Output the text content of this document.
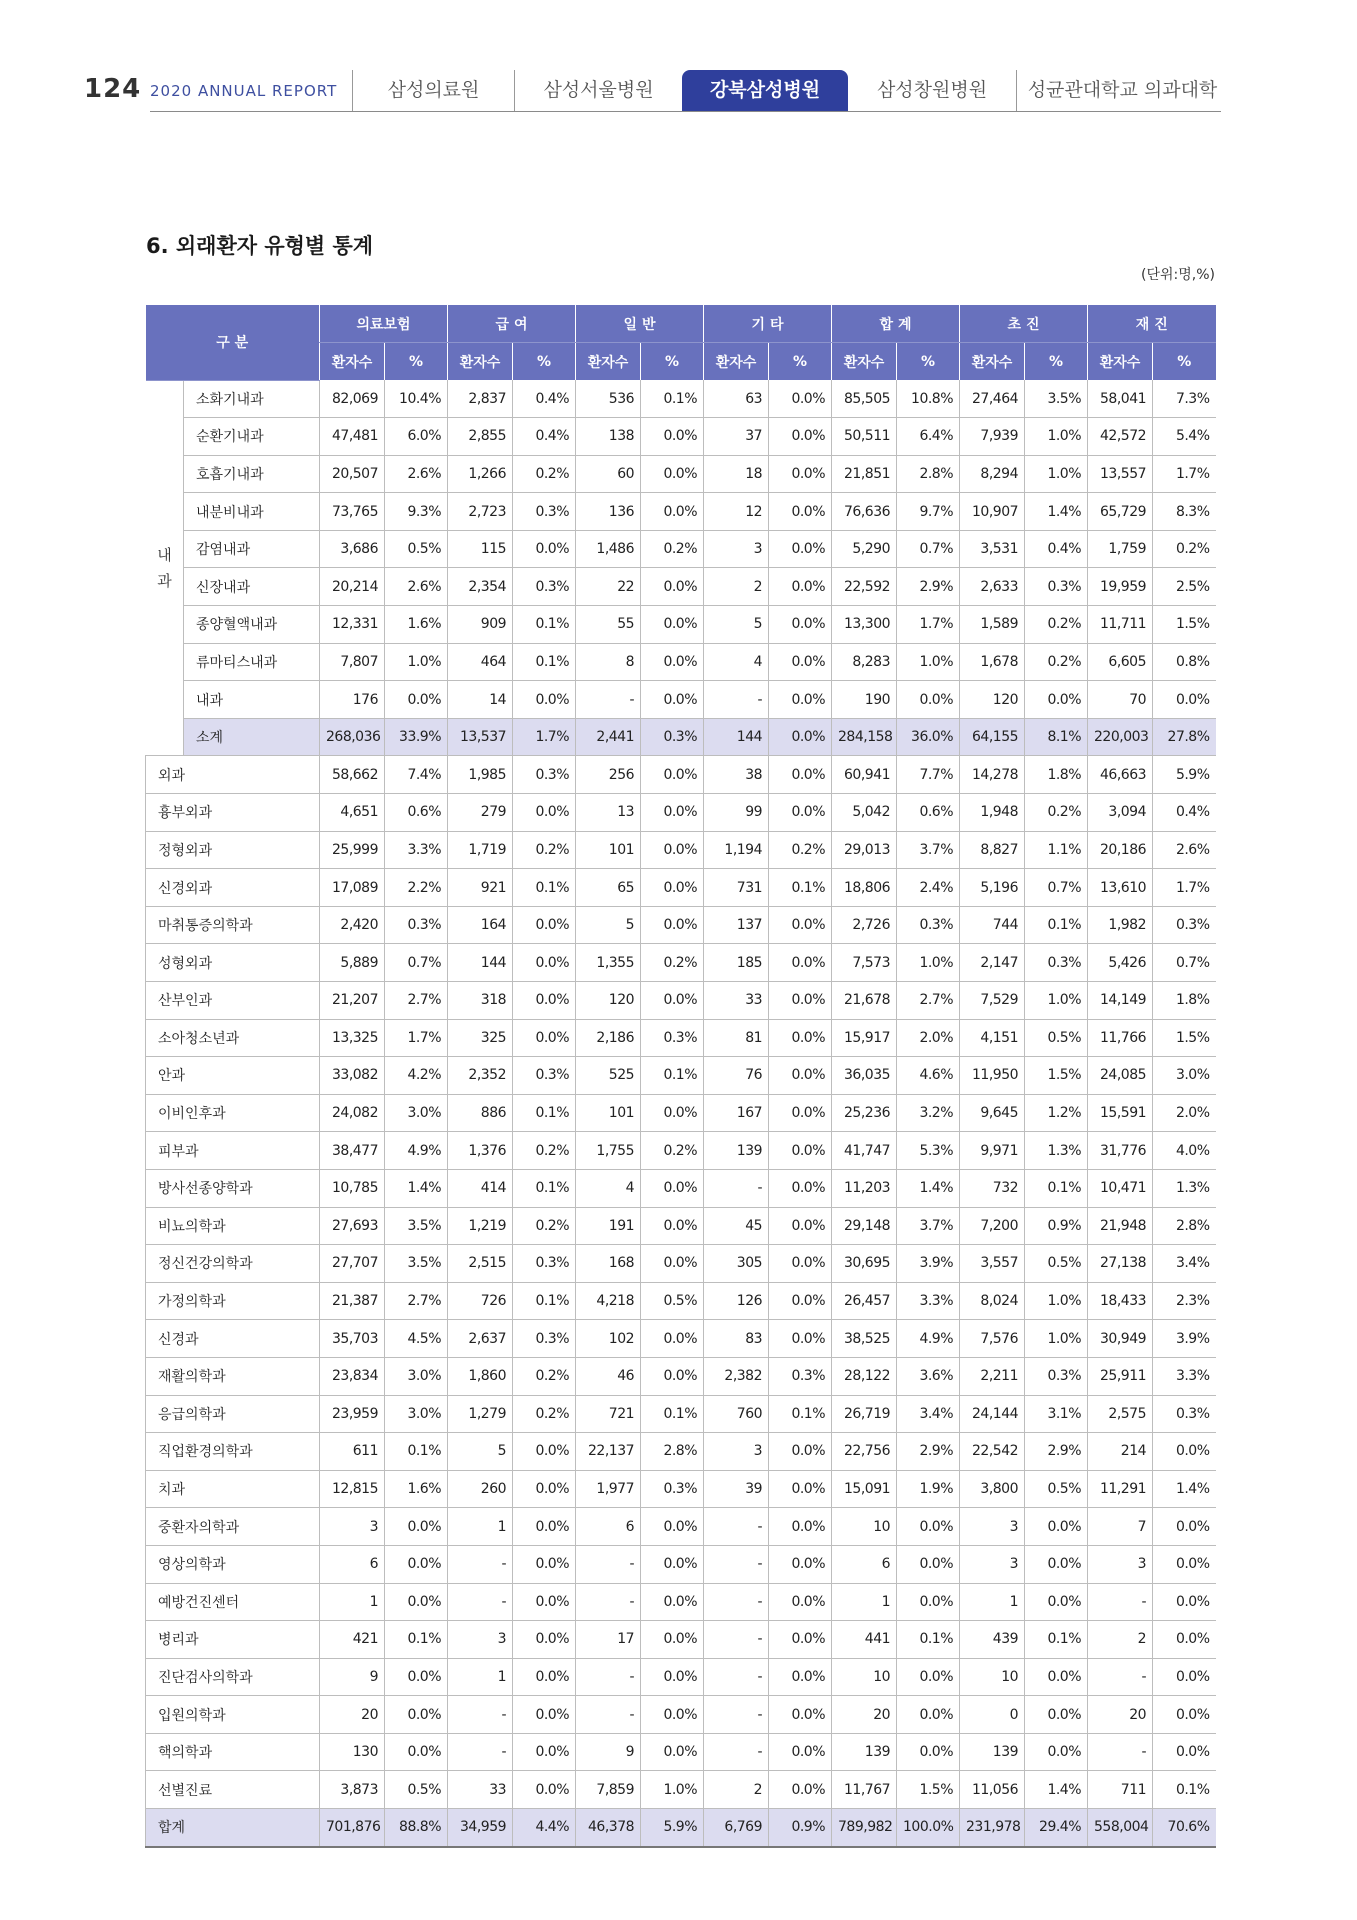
124 2020 ANNUAL REPORT	삼성의료원	삼성서울병원	강북삼성병원	삼성창원병원	성균관대학교 의과대학
6. 외래환자 유형별 통계
(단위:명,%)
구 분		의료보험		급 여		일 반		기 타		합 계		초 진		재 진	
		환자수	%	환자수	%	환자수	%	환자수	%	환자수	%	환자수	%	환자수	%
내
과	소화기내과	82,069	10.4%	2,837	0.4%	536	0.1%	63	0.0%	85,505	10.8%	27,464	3.5%	58,041	7.3%
	순환기내과	47,481	6.0%	2,855	0.4%	138	0.0%	37	0.0%	50,511	6.4%	7,939	1.0%	42,572	5.4%
	호흡기내과	20,507	2.6%	1,266	0.2%	60	0.0%	18	0.0%	21,851	2.8%	8,294	1.0%	13,557	1.7%
	내분비내과	73,765	9.3%	2,723	0.3%	136	0.0%	12	0.0%	76,636	9.7%	10,907	1.4%	65,729	8.3%
	감염내과	3,686	0.5%	115	0.0%	1,486	0.2%	3	0.0%	5,290	0.7%	3,531	0.4%	1,759	0.2%
	신장내과	20,214	2.6%	2,354	0.3%	22	0.0%	2	0.0%	22,592	2.9%	2,633	0.3%	19,959	2.5%
	종양혈액내과	12,331	1.6%	909	0.1%	55	0.0%	5	0.0%	13,300	1.7%	1,589	0.2%	11,711	1.5%
	류마티스내과	7,807	1.0%	464	0.1%	8	0.0%	4	0.0%	8,283	1.0%	1,678	0.2%	6,605	0.8%
	내과	176	0.0%	14	0.0%	-	0.0%	-	0.0%	190	0.0%	120	0.0%	70	0.0%
	소계	268,036	33.9%	13,537	1.7%	2,441	0.3%	144	0.0%	284,158	36.0%	64,155	8.1%	220,003	27.8%
외과		58,662	7.4%	1,985	0.3%	256	0.0%	38	0.0%	60,941	7.7%	14,278	1.8%	46,663	5.9%
흉부외과		4,651	0.6%	279	0.0%	13	0.0%	99	0.0%	5,042	0.6%	1,948	0.2%	3,094	0.4%
정형외과		25,999	3.3%	1,719	0.2%	101	0.0%	1,194	0.2%	29,013	3.7%	8,827	1.1%	20,186	2.6%
신경외과		17,089	2.2%	921	0.1%	65	0.0%	731	0.1%	18,806	2.4%	5,196	0.7%	13,610	1.7%
마취통증의학과		2,420	0.3%	164	0.0%	5	0.0%	137	0.0%	2,726	0.3%	744	0.1%	1,982	0.3%
성형외과		5,889	0.7%	144	0.0%	1,355	0.2%	185	0.0%	7,573	1.0%	2,147	0.3%	5,426	0.7%
산부인과		21,207	2.7%	318	0.0%	120	0.0%	33	0.0%	21,678	2.7%	7,529	1.0%	14,149	1.8%
소아청소년과		13,325	1.7%	325	0.0%	2,186	0.3%	81	0.0%	15,917	2.0%	4,151	0.5%	11,766	1.5%
안과		33,082	4.2%	2,352	0.3%	525	0.1%	76	0.0%	36,035	4.6%	11,950	1.5%	24,085	3.0%
이비인후과		24,082	3.0%	886	0.1%	101	0.0%	167	0.0%	25,236	3.2%	9,645	1.2%	15,591	2.0%
피부과		38,477	4.9%	1,376	0.2%	1,755	0.2%	139	0.0%	41,747	5.3%	9,971	1.3%	31,776	4.0%
방사선종양학과		10,785	1.4%	414	0.1%	4	0.0%	-	0.0%	11,203	1.4%	732	0.1%	10,471	1.3%
비뇨의학과		27,693	3.5%	1,219	0.2%	191	0.0%	45	0.0%	29,148	3.7%	7,200	0.9%	21,948	2.8%
정신건강의학과		27,707	3.5%	2,515	0.3%	168	0.0%	305	0.0%	30,695	3.9%	3,557	0.5%	27,138	3.4%
가정의학과		21,387	2.7%	726	0.1%	4,218	0.5%	126	0.0%	26,457	3.3%	8,024	1.0%	18,433	2.3%
신경과		35,703	4.5%	2,637	0.3%	102	0.0%	83	0.0%	38,525	4.9%	7,576	1.0%	30,949	3.9%
재활의학과		23,834	3.0%	1,860	0.2%	46	0.0%	2,382	0.3%	28,122	3.6%	2,211	0.3%	25,911	3.3%
응급의학과		23,959	3.0%	1,279	0.2%	721	0.1%	760	0.1%	26,719	3.4%	24,144	3.1%	2,575	0.3%
직업환경의학과		611	0.1%	5	0.0%	22,137	2.8%	3	0.0%	22,756	2.9%	22,542	2.9%	214	0.0%
치과		12,815	1.6%	260	0.0%	1,977	0.3%	39	0.0%	15,091	1.9%	3,800	0.5%	11,291	1.4%
중환자의학과		3	0.0%	1	0.0%	6	0.0%	-	0.0%	10	0.0%	3	0.0%	7	0.0%
영상의학과		6	0.0%	-	0.0%	-	0.0%	-	0.0%	6	0.0%	3	0.0%	3	0.0%
예방건진센터		1	0.0%	-	0.0%	-	0.0%	-	0.0%	1	0.0%	1	0.0%	-	0.0%
병리과		421	0.1%	3	0.0%	17	0.0%	-	0.0%	441	0.1%	439	0.1%	2	0.0%
진단검사의학과		9	0.0%	1	0.0%	-	0.0%	-	0.0%	10	0.0%	10	0.0%	-	0.0%
입원의학과		20	0.0%	-	0.0%	-	0.0%	-	0.0%	20	0.0%	0	0.0%	20	0.0%
핵의학과		130	0.0%	-	0.0%	9	0.0%	-	0.0%	139	0.0%	139	0.0%	-	0.0%
선별진료		3,873	0.5%	33	0.0%	7,859	1.0%	2	0.0%	11,767	1.5%	11,056	1.4%	711	0.1%
합계		701,876	88.8%	34,959	4.4%	46,378	5.9%	6,769	0.9%	789,982	100.0%	231,978	29.4%	558,004	70.6%
